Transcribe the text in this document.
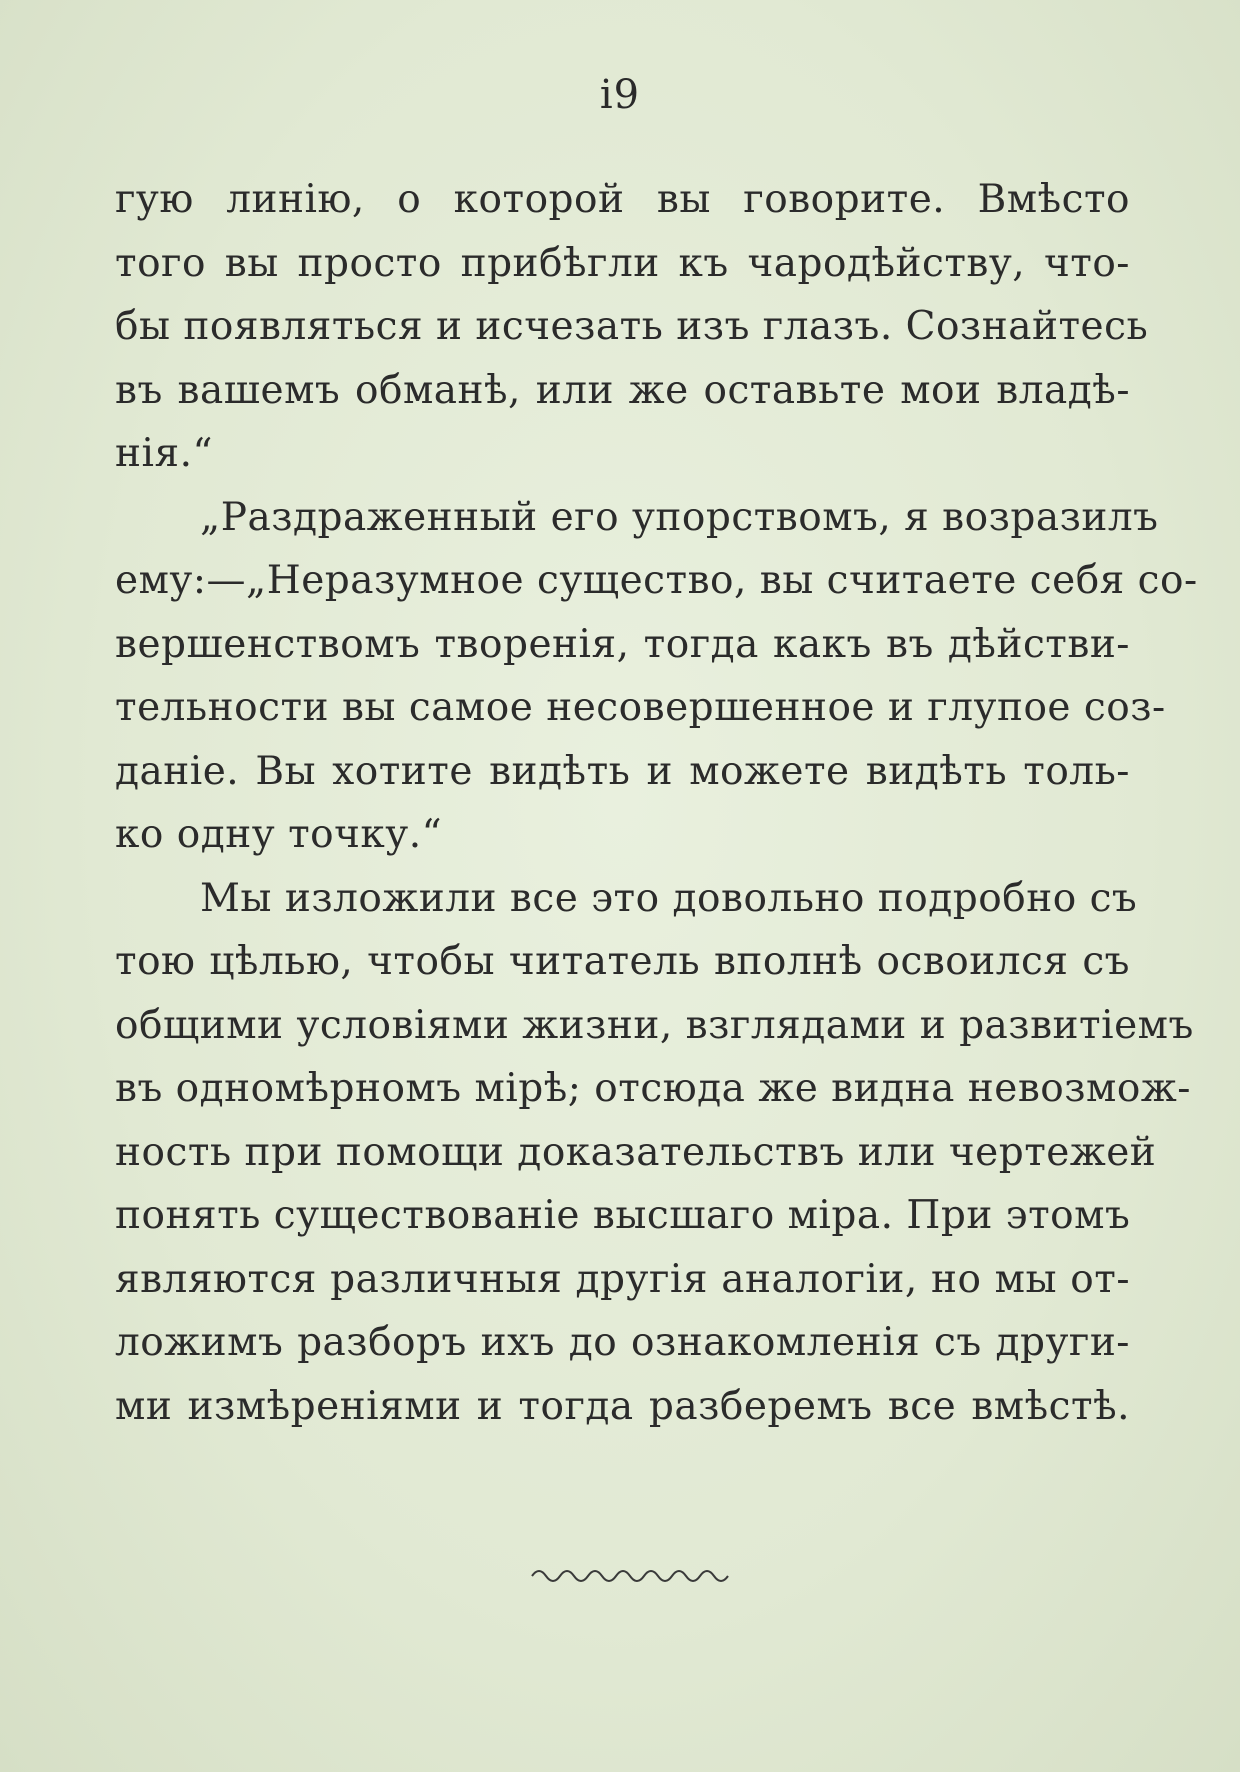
i9
гую линiю, о которой вы говорите. Вмѣсто
того вы просто прибѣгли къ чародѣйству, что-
бы появляться и исчезать изъ глазъ. Сознайтесь
въ вашемъ обманѣ, или же оставьте мои владѣ-
нiя.“
„Раздраженный его упорствомъ, я возразилъ
ему:—„Неразумное существо, вы считаете себя со-
вершенствомъ творенiя, тогда какъ въ дѣйстви-
тельности вы самое несовершенное и глупое соз-
данiе. Вы хотите видѣть и можете видѣть толь-
ко одну точку.“
Мы изложили все это довольно подробно съ
тою цѣлью, чтобы читатель вполнѣ освоился съ
общими условiями жизни, взглядами и развитiемъ
въ одномѣрномъ мiрѣ; отсюда же видна невозмож-
ность при помощи доказательствъ или чертежей
понять существованiе высшаго мiра. При этомъ
являются различныя другiя аналогiи, но мы от-
ложимъ разборъ ихъ до ознакомленiя съ други-
ми измѣренiями и тогда разберемъ все вмѣстѣ.
